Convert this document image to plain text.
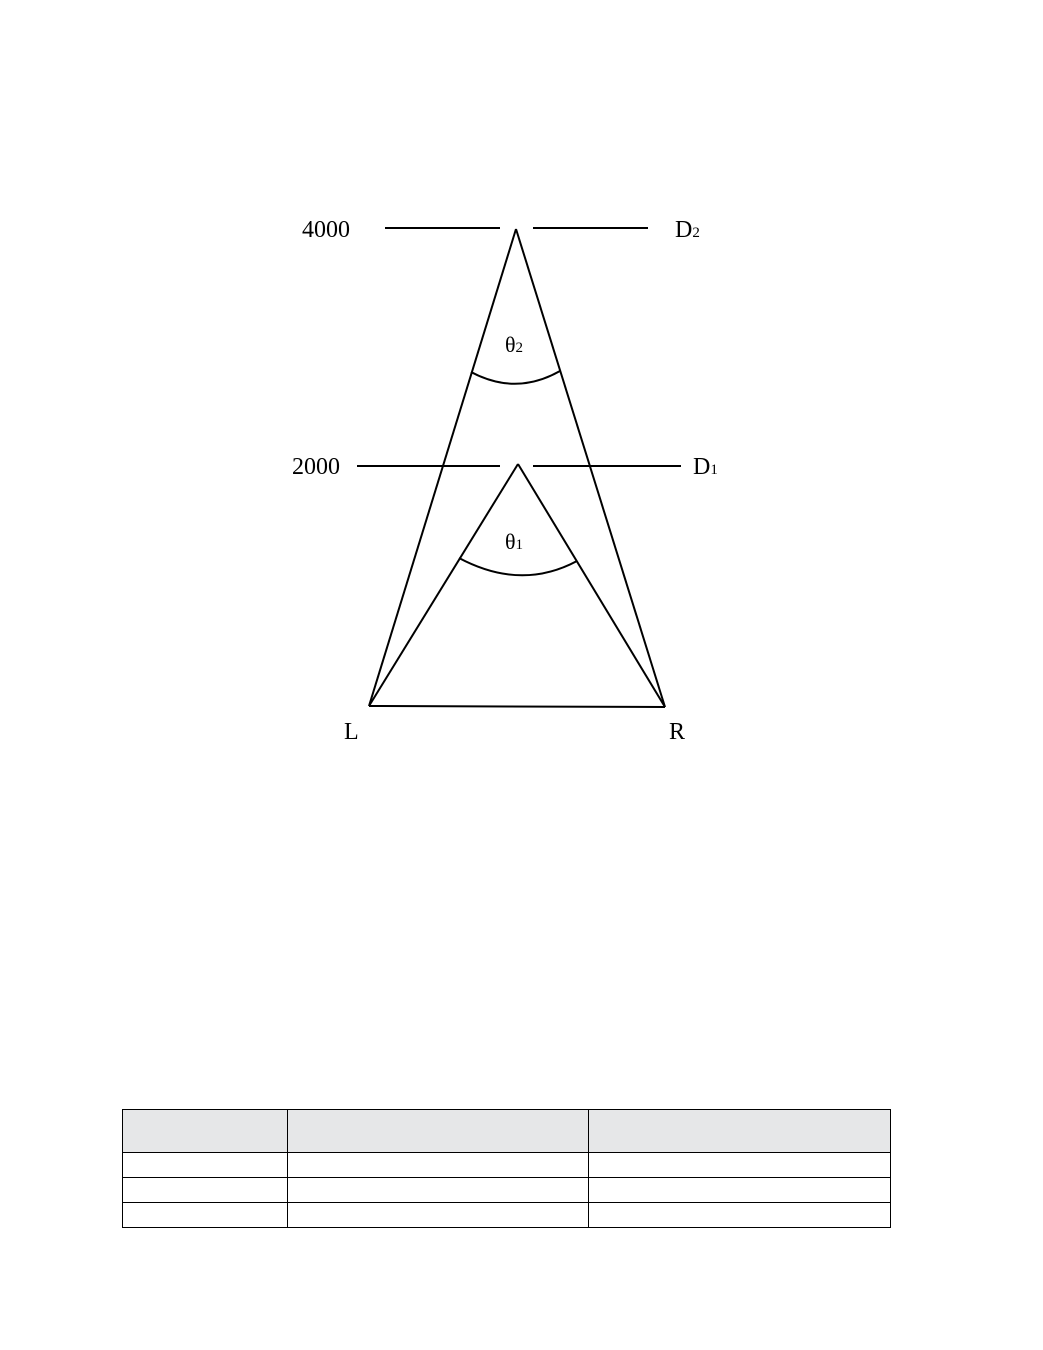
4000
2000
D2
D1
θ2
θ1
L	R
